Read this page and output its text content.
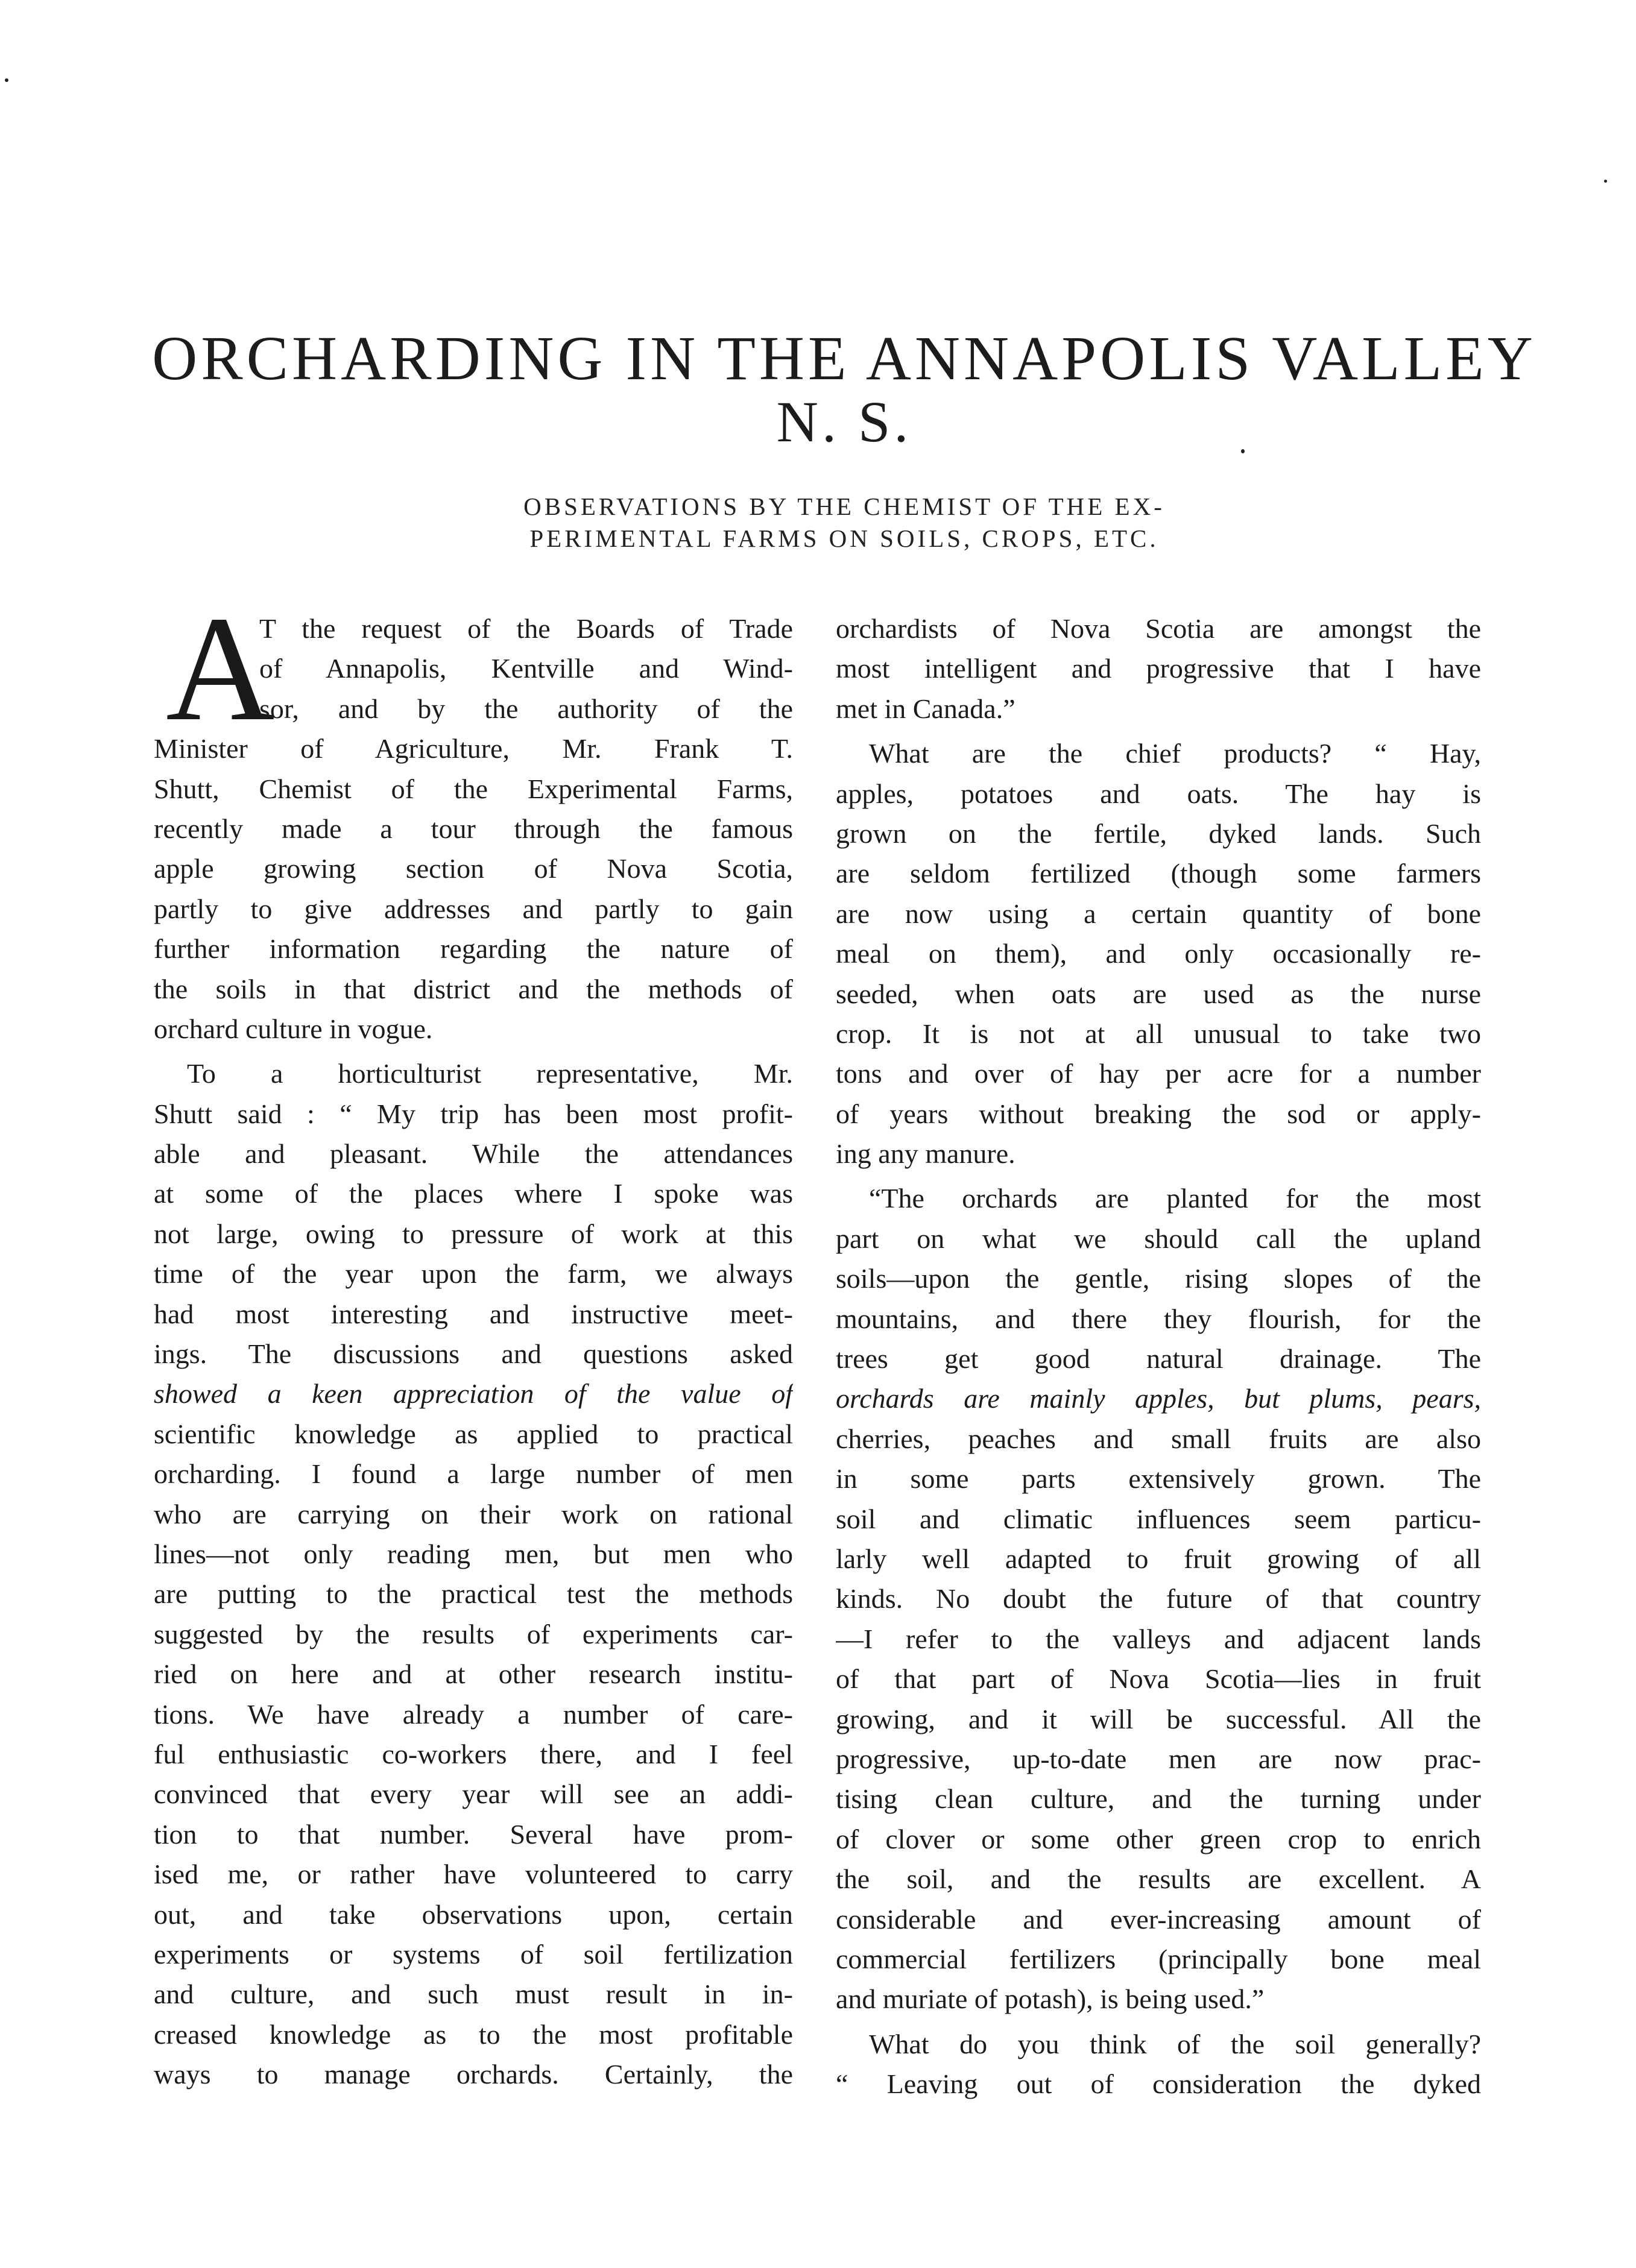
ORCHARDING IN THE ANNAPOLIS VALLEY
N. S.
OBSERVATIONS BY THE CHEMIST OF THE EX-
PERIMENTAL FARMS ON SOILS, CROPS, ETC.
A
T the request of the Boards of Trade
of Annapolis, Kentville and Wind-
sor, and by the authority of the
Minister of Agriculture, Mr. Frank T.
Shutt, Chemist of the Experimental Farms,
recently made a tour through the famous
apple growing section of Nova Scotia,
partly to give addresses and partly to gain
further information regarding the nature of
the soils in that district and the methods of
orchard culture in vogue.
To a horticulturist representative, Mr.
Shutt said : “ My trip has been most profit-
able and pleasant. While the attendances
at some of the places where I spoke was
not large, owing to pressure of work at this
time of the year upon the farm, we always
had most interesting and instructive meet-
ings. The discussions and questions asked
showed a keen appreciation of the value of
scientific knowledge as applied to practical
orcharding. I found a large number of men
who are carrying on their work on rational
lines—not only reading men, but men who
are putting to the practical test the methods
suggested by the results of experiments car-
ried on here and at other research institu-
tions. We have already a number of care-
ful enthusiastic co-workers there, and I feel
convinced that every year will see an addi-
tion to that number. Several have prom-
ised me, or rather have volunteered to carry
out, and take observations upon, certain
experiments or systems of soil fertilization
and culture, and such must result in in-
creased knowledge as to the most profitable
ways to manage orchards. Certainly, the
orchardists of Nova Scotia are amongst the
most intelligent and progressive that I have
met in Canada.”
What are the chief products? “ Hay,
apples, potatoes and oats. The hay is
grown on the fertile, dyked lands. Such
are seldom fertilized (though some farmers
are now using a certain quantity of bone
meal on them), and only occasionally re-
seeded, when oats are used as the nurse
crop. It is not at all unusual to take two
tons and over of hay per acre for a number
of years without breaking the sod or apply-
ing any manure.
“The orchards are planted for the most
part on what we should call the upland
soils—upon the gentle, rising slopes of the
mountains, and there they flourish, for the
trees get good natural drainage. The
orchards are mainly apples, but plums, pears,
cherries, peaches and small fruits are also
in some parts extensively grown. The
soil and climatic influences seem particu-
larly well adapted to fruit growing of all
kinds. No doubt the future of that country
—I refer to the valleys and adjacent lands
of that part of Nova Scotia—lies in fruit
growing, and it will be successful. All the
progressive, up-to-date men are now prac-
tising clean culture, and the turning under
of clover or some other green crop to enrich
the soil, and the results are excellent. A
considerable and ever-increasing amount of
commercial fertilizers (principally bone meal
and muriate of potash), is being used.”
What do you think of the soil generally?
“ Leaving out of consideration the dyked
